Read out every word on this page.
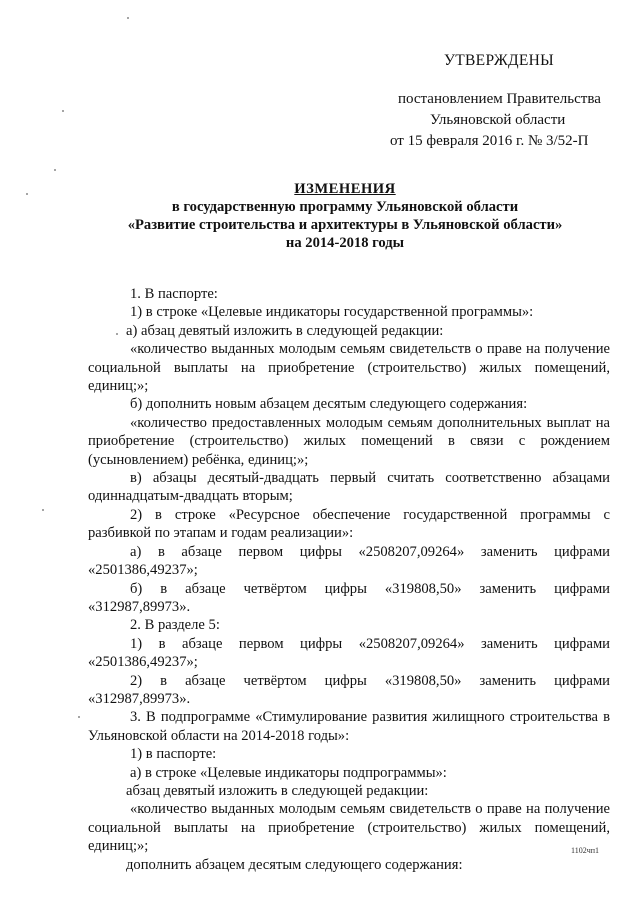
УТВЕРЖДЕНЫ
постановлением Правительства
Ульяновской области
от 15 февраля 2016 г. № 3/52-П
ИЗМЕНЕНИЯ
в государственную программу Ульяновской области
«Развитие строительства и архитектуры в Ульяновской области»
на 2014-2018 годы

1. В паспорте:

1) в строке «Целевые индикаторы государственной программы»:

а) абзац девятый изложить в следующей редакции:

«количество выданных молодым семьям свидетельств о праве на получение социальной выплаты на приобретение (строительство) жилых помещений, единиц;»;

б) дополнить новым абзацем десятым следующего содержания:

«количество предоставленных молодым семьям дополнительных выплат на приобретение (строительство) жилых помещений в связи с рождением (усыновлением) ребёнка, единиц;»;

в) абзацы десятый-двадцать первый считать соответственно абзацами одиннадцатым-двадцать вторым;

2) в строке «Ресурсное обеспечение государственной программы с разбивкой по этапам и годам реализации»:

а) в абзаце первом цифры «2508207,09264» заменить цифрами «2501386,49237»;

б) в абзаце четвёртом цифры «319808,50» заменить цифрами «312987,89973».

2. В разделе 5:

1) в абзаце первом цифры «2508207,09264» заменить цифрами «2501386,49237»;

2) в абзаце четвёртом цифры «319808,50» заменить цифрами «312987,89973».

3. В подпрограмме «Стимулирование развития жилищного строительства в Ульяновской области на 2014-2018 годы»:

1) в паспорте:

а) в строке «Целевые индикаторы подпрограммы»:

абзац девятый изложить в следующей редакции:

«количество выданных молодым семьям свидетельств о праве на получение социальной выплаты на приобретение (строительство) жилых помещений, единиц;»;

дополнить абзацем десятым следующего содержания:

1102чп1
